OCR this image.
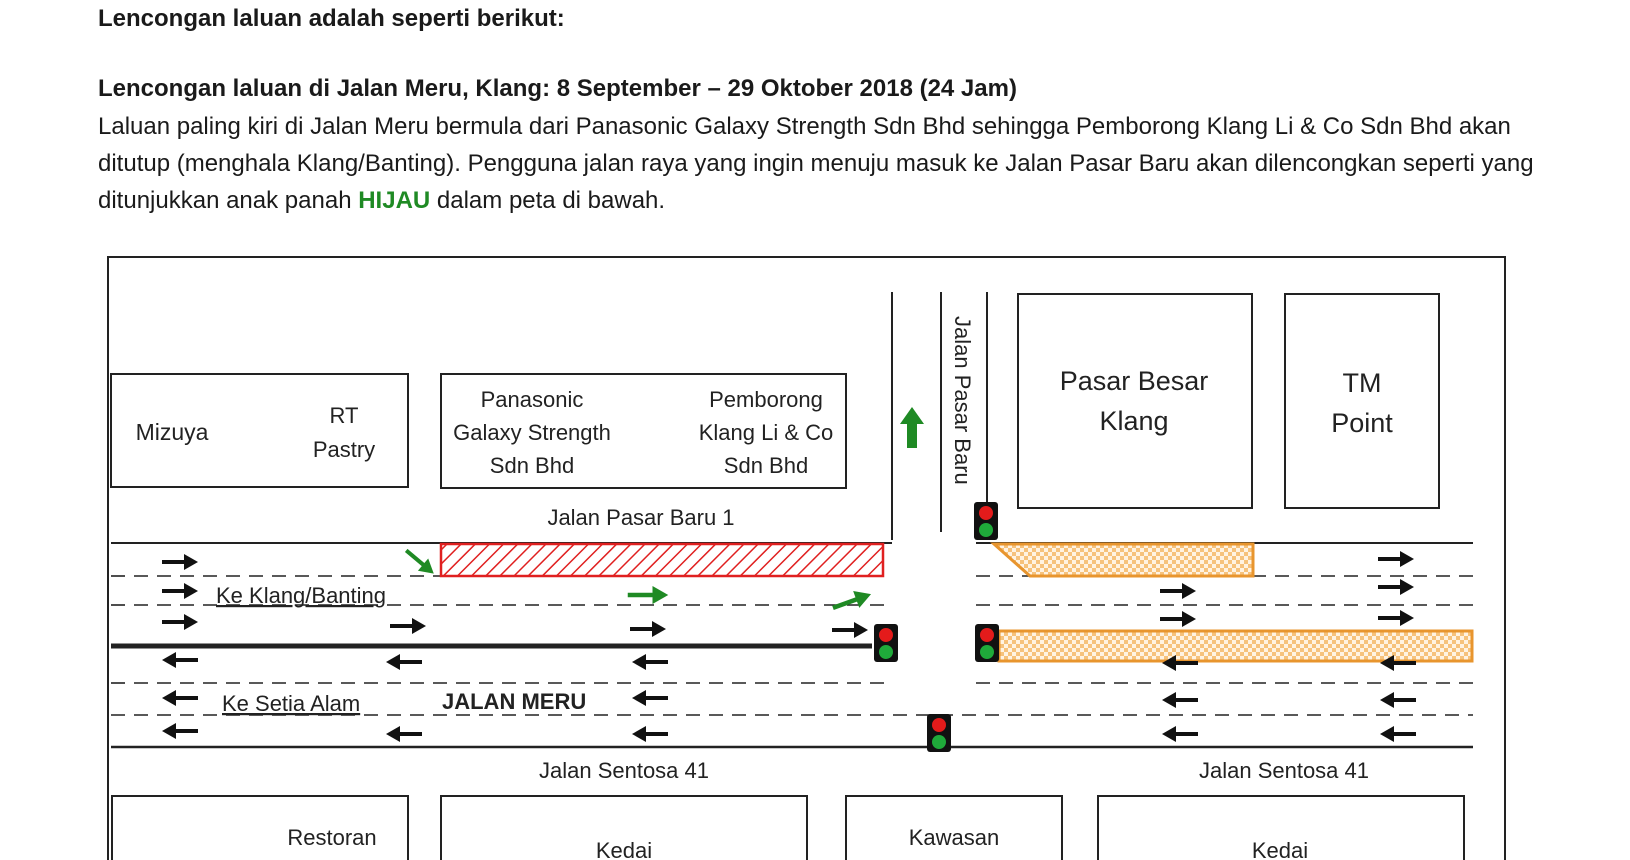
Lencongan laluan adalah seperti berikut:
Lencongan laluan di Jalan Meru, Klang: 8 September – 29 Oktober 2018 (24 Jam)

Laluan paling kiri di Jalan Meru bermula dari Panasonic Galaxy Strength Sdn Bhd sehingga Pemborong Klang Li & Co Sdn Bhd akan ditutup (menghala Klang/Banting). Pengguna jalan raya yang ingin menuju masuk ke Jalan Pasar Baru akan dilencongkan seperti yang ditunjukkan anak panah HIJAU dalam peta di bawah.

Mizuya
RT
Pastry
Panasonic
Galaxy Strength
Sdn Bhd
Pemborong
Klang Li & Co
Sdn Bhd
Pasar Besar
Klang
TM
Point
Jalan Pasar Baru
Jalan Pasar Baru 1
Ke Klang/Banting
Ke Setia Alam	JALAN MERU
Jalan Sentosa 41	Jalan Sentosa 41
Restoran
Kedai
Kawasan
Kedai
